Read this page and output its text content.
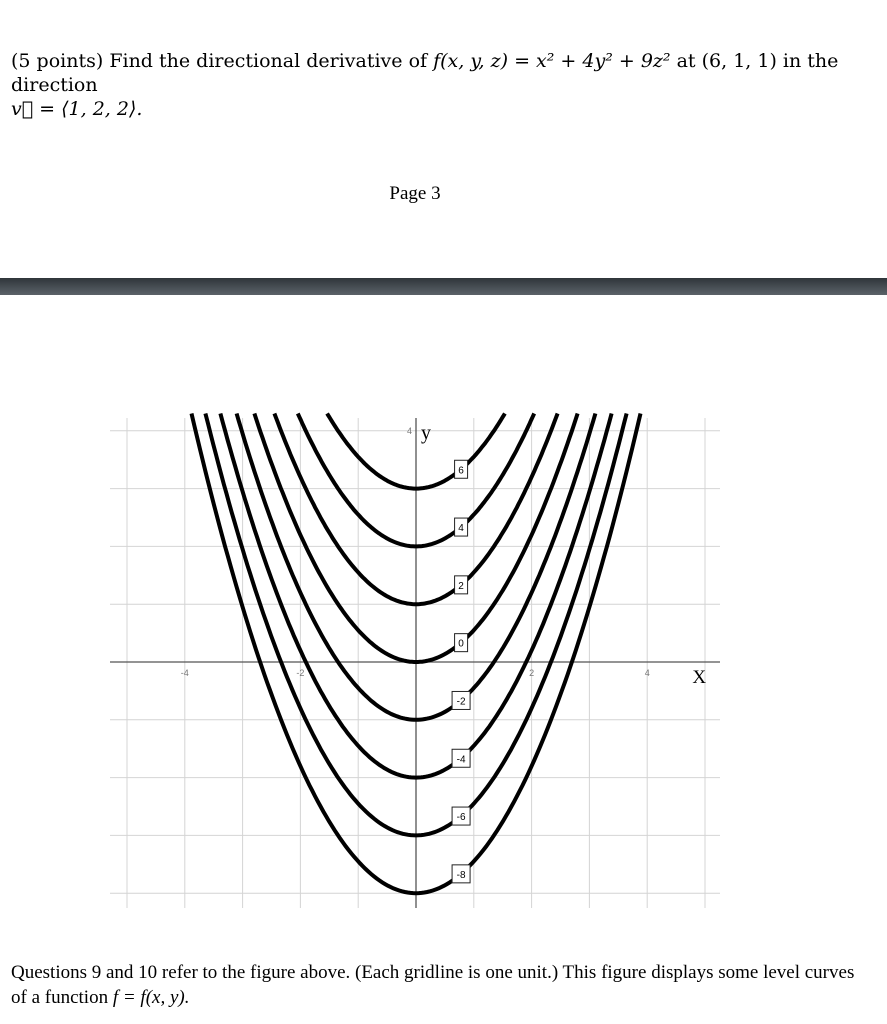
(5 points) Find the directional derivative of f(x, y, z) = x² + 4y² + 9z² at (6, 1, 1) in the direction
v⃗ = ⟨1, 2, 2⟩.
Page 3
-4	-2	2	4
4 y
X
6
4
2
0
-2
-4
-6
-8
Questions 9 and 10 refer to the figure above. (Each gridline is one unit.) This figure displays some level curves of a function f = f(x, y).
